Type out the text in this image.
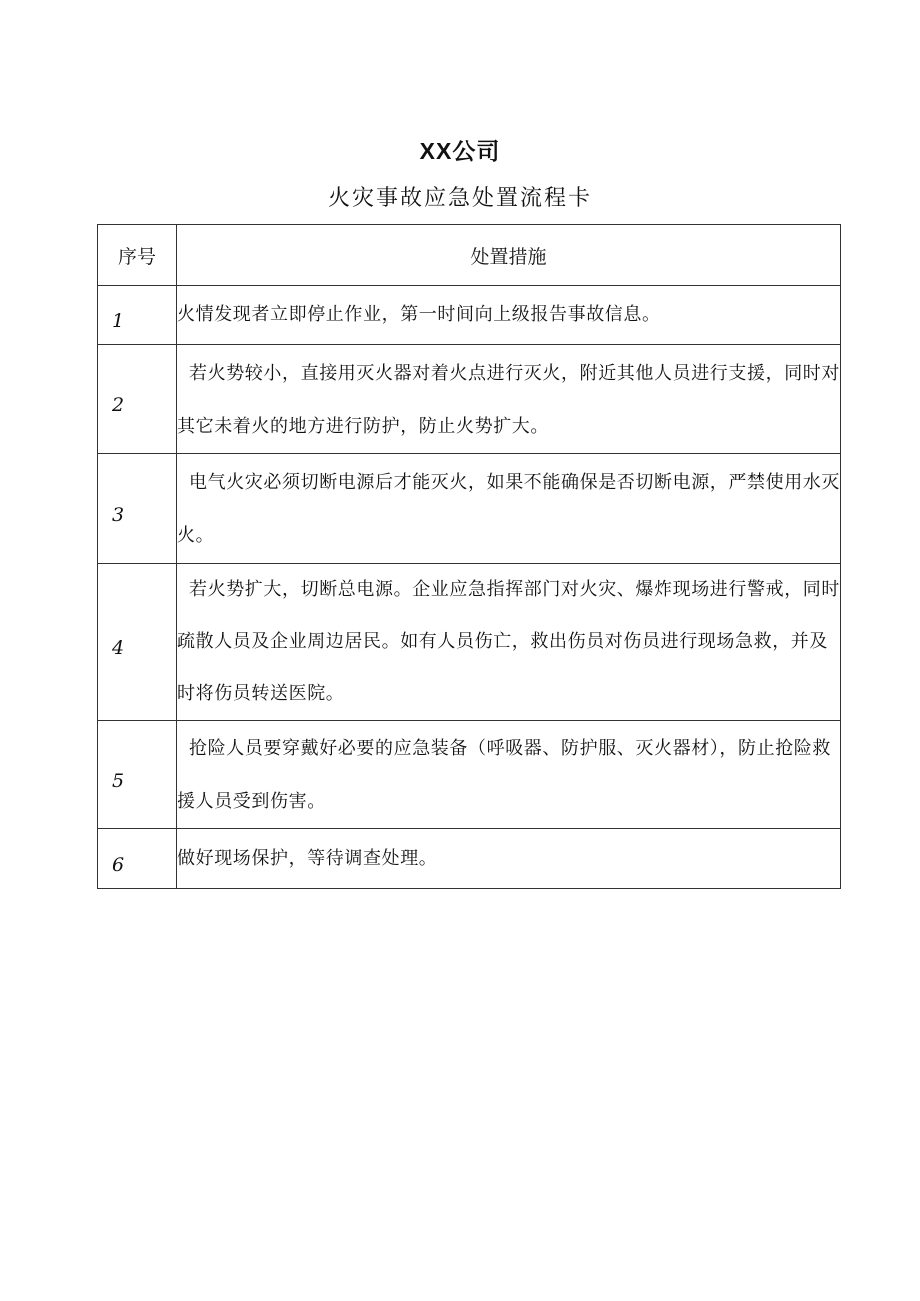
XX公司
火灾事故应急处置流程卡
序号	处置措施

1	火情发现者立即停止作业，第一时间向上级报告事故信息。

2	若火势较小，直接用灭火器对着火点进行灭火，附近其他人员进行支援，同时对其它未着火的地方进行防护，防止火势扩大。

3	电气火灾必须切断电源后才能灭火，如果不能确保是否切断电源，严禁使用水灭火。

4	若火势扩大，切断总电源。企业应急指挥部门对火灾、爆炸现场进行警戒，同时疏散人员及企业周边居民。如有人员伤亡，救出伤员对伤员进行现场急救，并及时将伤员转送医院。

5	抢险人员要穿戴好必要的应急装备（呼吸器、防护服、灭火器材），防止抢险救援人员受到伤害。

6	做好现场保护，等待调查处理。
